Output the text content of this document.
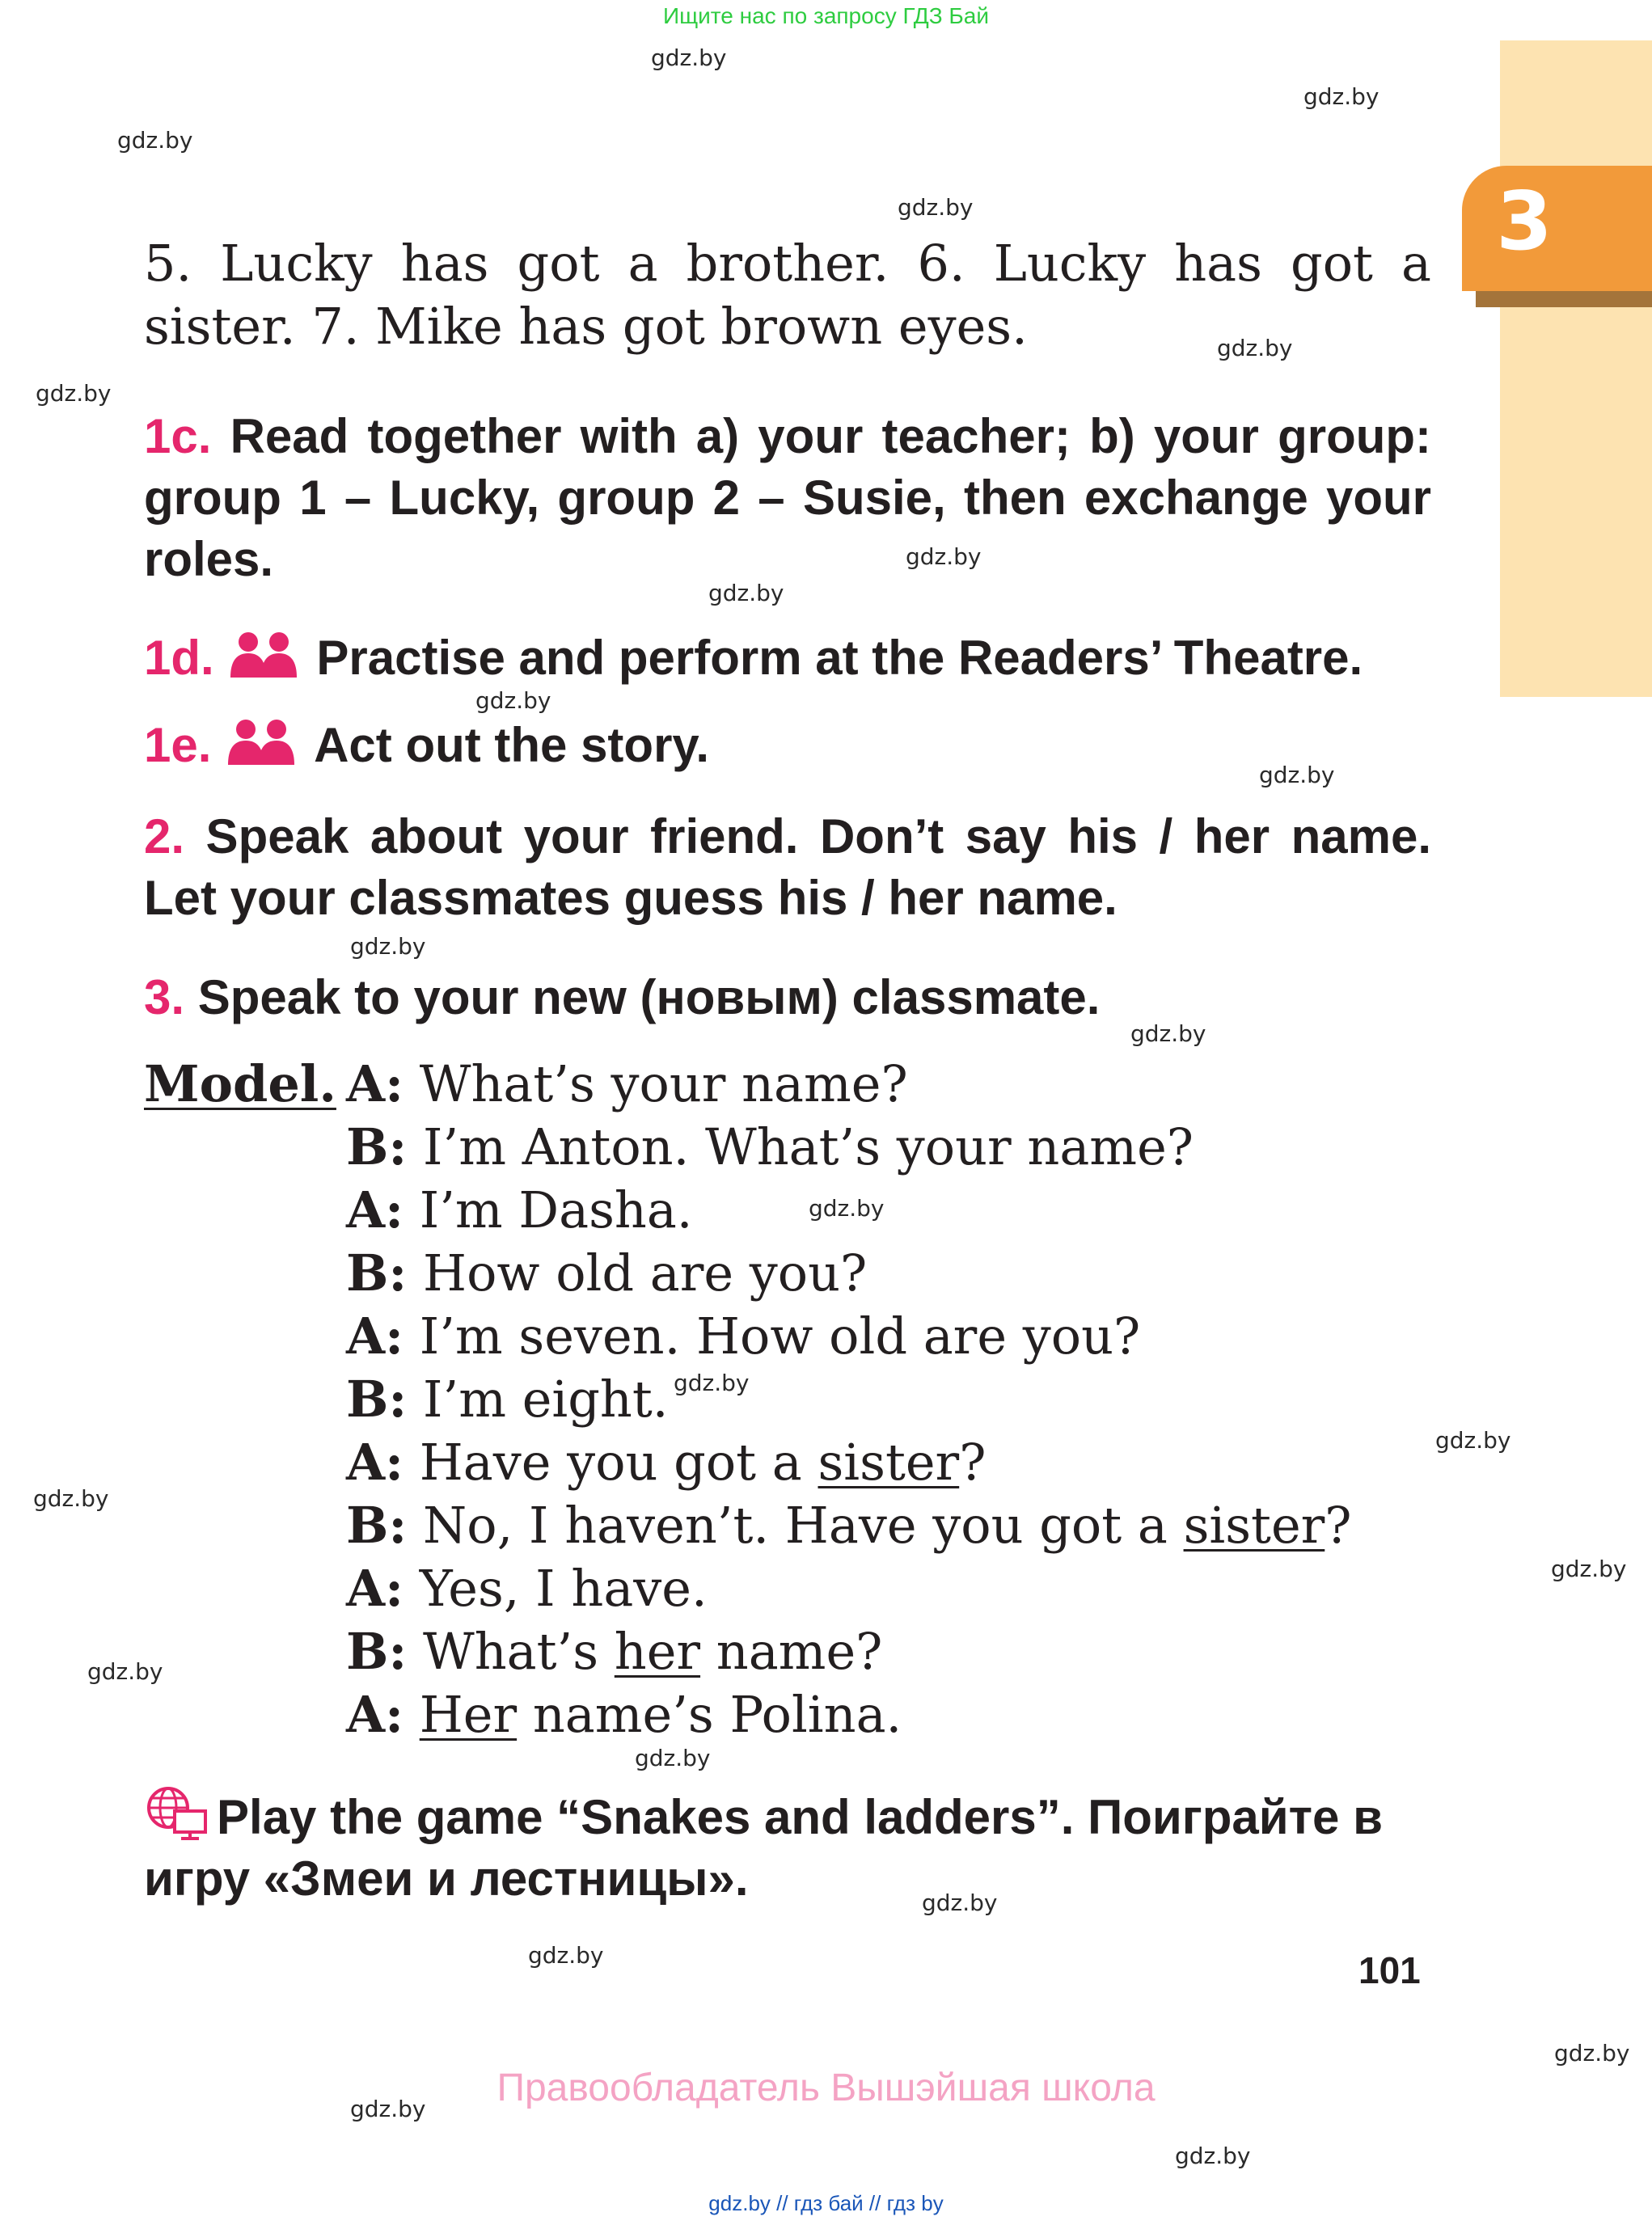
Ищите нас по запросу ГДЗ Бай
3
gdz.by
gdz.by
gdz.by
gdz.by
gdz.by
gdz.by
gdz.by
gdz.by
gdz.by
gdz.by
gdz.by
gdz.by
gdz.by
gdz.by
gdz.by
gdz.by
gdz.by
gdz.by
gdz.by
gdz.by
gdz.by
gdz.by
gdz.by
gdz.by
5. Lucky has got a brother. 6. Lucky has got a sister. 7. Mike has got brown eyes.
1c. Read together with a) your teacher; b) your group: group 1 – Lucky, group 2 – Susie, then exchange your roles.
1d. Practise and perform at the Readers’ Theatre.
1e. Act out the story.
2. Speak about your friend. Don’t say his / her name. Let your classmates guess his / her name.
3. Speak to your new (новым) classmate.
Model. A: What’s your name?
B: I’m Anton. What’s your name?
A: I’m Dasha.
B: How old are you?
A: I’m seven. How old are you?
B: I’m eight.
A: Have you got a sister?
B: No, I haven’t. Have you got a sister?
A: Yes, I have.
B: What’s her name?
A: Her name’s Polina.
Play the game “Snakes and ladders”. Поиграйте в игру «Змеи и лестницы».
101
Правообладатель Вышэйшая школа
gdz.by // гдз бай // гдз by
